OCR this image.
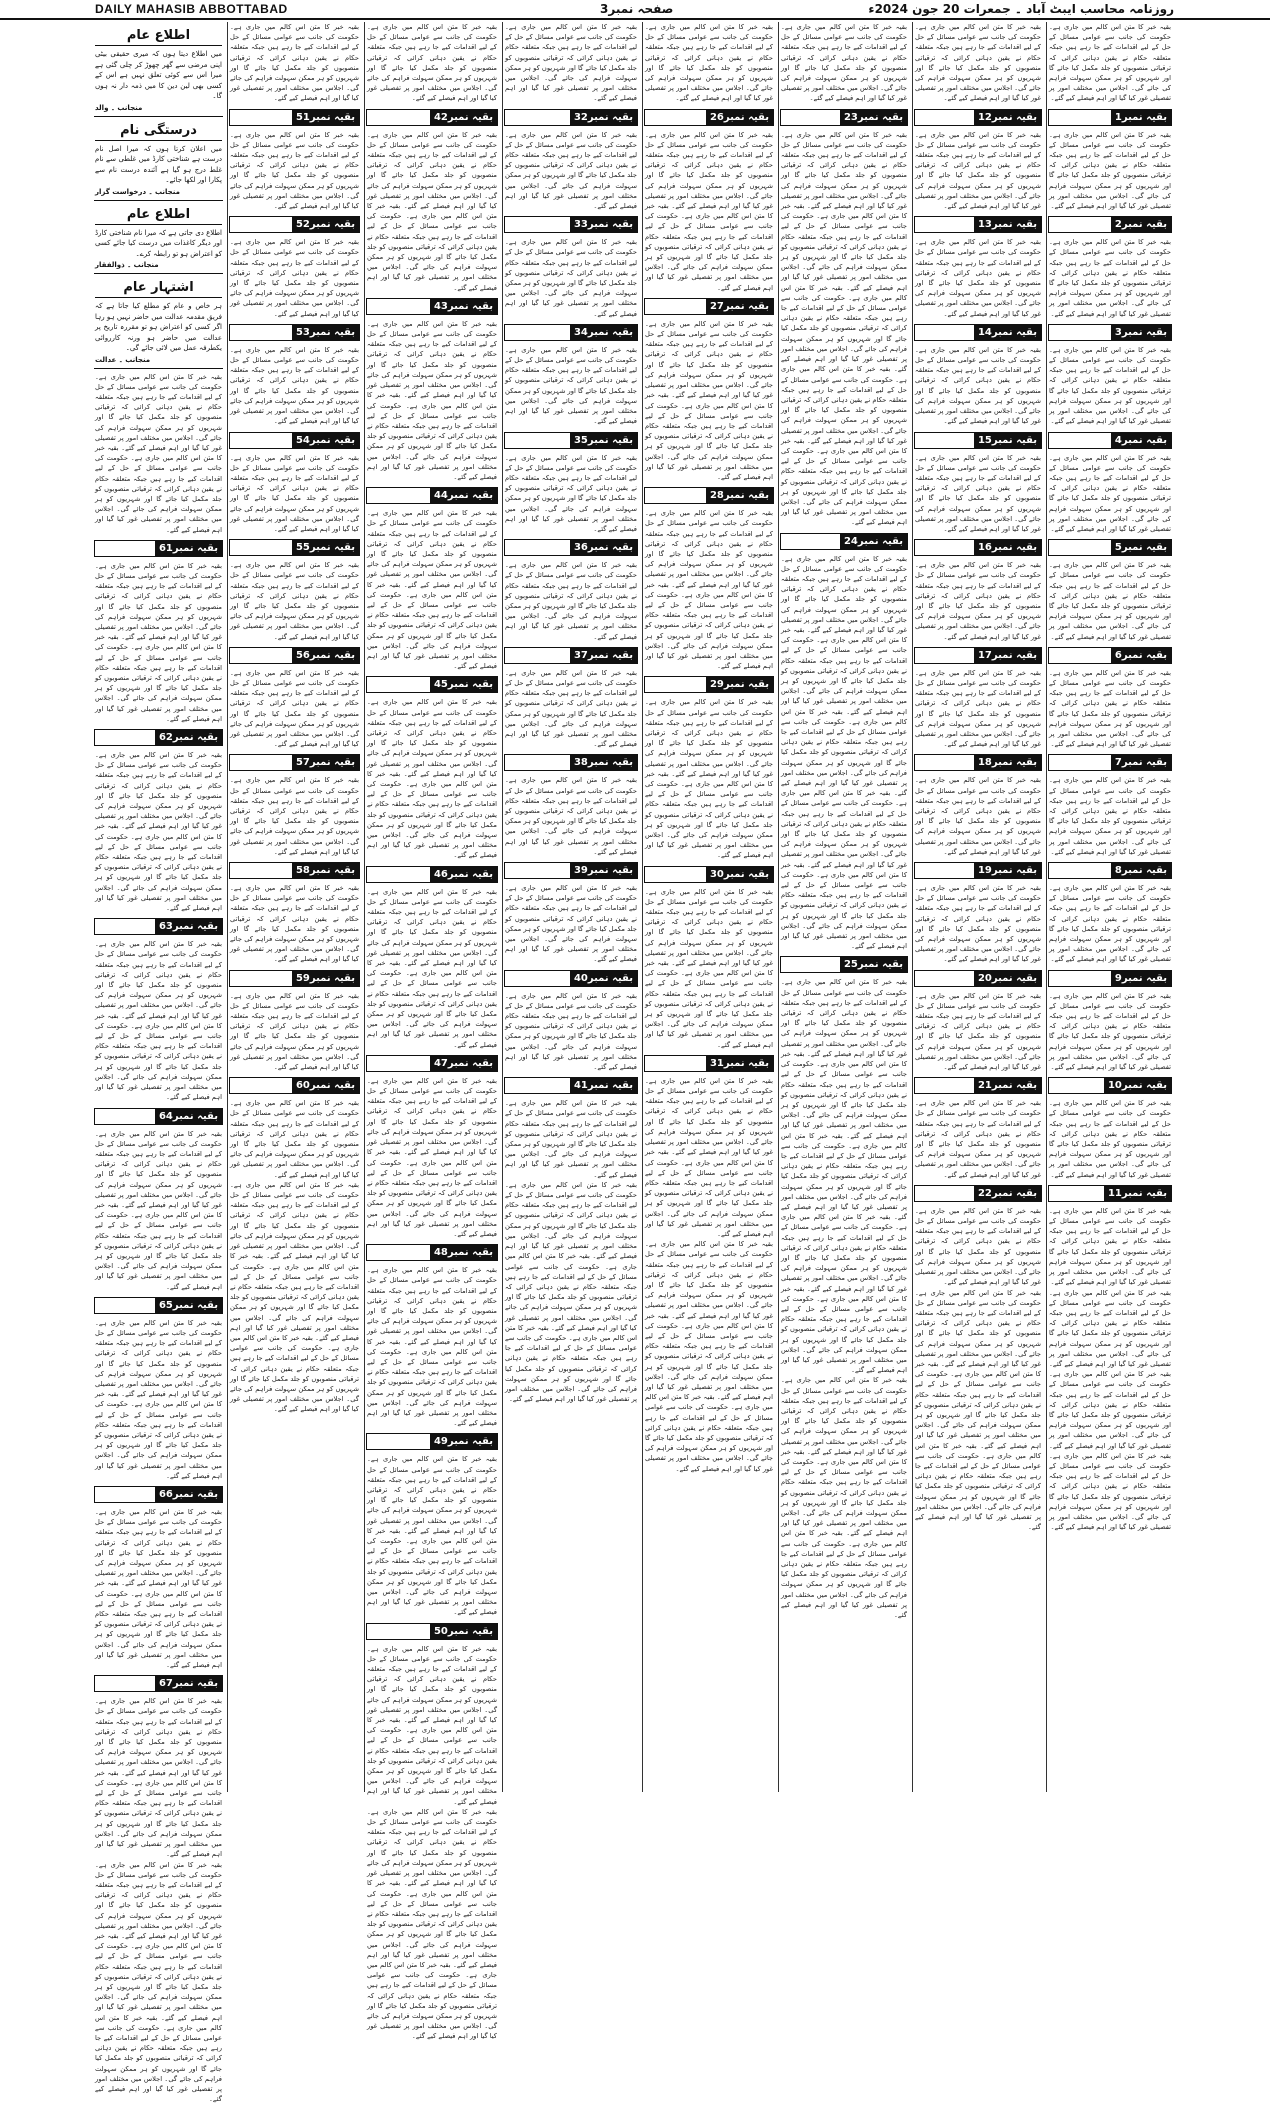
DAILY MAHASIB ABBOTTABAD	صفحہ نمبر3	روزنامہ محاسب ایبٹ آباد ۔ جمعرات 20 جون 2024ء
بقیہ خبر کا متن اس کالم میں جاری ہے۔ حکومت کی جانب سے عوامی مسائل کے حل کے لیے اقدامات کیے جا رہے ہیں جبکہ متعلقہ حکام نے یقین دہانی کرائی کہ ترقیاتی منصوبوں کو جلد مکمل کیا جائے گا اور شہریوں کو ہر ممکن سہولت فراہم کی جائے گی۔ اجلاس میں مختلف امور پر تفصیلی غور کیا گیا اور اہم فیصلے کیے گئے۔
بقیہ نمبر1
بقیہ خبر کا متن اس کالم میں جاری ہے۔ حکومت کی جانب سے عوامی مسائل کے حل کے لیے اقدامات کیے جا رہے ہیں جبکہ متعلقہ حکام نے یقین دہانی کرائی کہ ترقیاتی منصوبوں کو جلد مکمل کیا جائے گا اور شہریوں کو ہر ممکن سہولت فراہم کی جائے گی۔ اجلاس میں مختلف امور پر تفصیلی غور کیا گیا اور اہم فیصلے کیے گئے۔
بقیہ نمبر2
بقیہ خبر کا متن اس کالم میں جاری ہے۔ حکومت کی جانب سے عوامی مسائل کے حل کے لیے اقدامات کیے جا رہے ہیں جبکہ متعلقہ حکام نے یقین دہانی کرائی کہ ترقیاتی منصوبوں کو جلد مکمل کیا جائے گا اور شہریوں کو ہر ممکن سہولت فراہم کی جائے گی۔ اجلاس میں مختلف امور پر تفصیلی غور کیا گیا اور اہم فیصلے کیے گئے۔
بقیہ نمبر3
بقیہ خبر کا متن اس کالم میں جاری ہے۔ حکومت کی جانب سے عوامی مسائل کے حل کے لیے اقدامات کیے جا رہے ہیں جبکہ متعلقہ حکام نے یقین دہانی کرائی کہ ترقیاتی منصوبوں کو جلد مکمل کیا جائے گا اور شہریوں کو ہر ممکن سہولت فراہم کی جائے گی۔ اجلاس میں مختلف امور پر تفصیلی غور کیا گیا اور اہم فیصلے کیے گئے۔
بقیہ نمبر4
بقیہ خبر کا متن اس کالم میں جاری ہے۔ حکومت کی جانب سے عوامی مسائل کے حل کے لیے اقدامات کیے جا رہے ہیں جبکہ متعلقہ حکام نے یقین دہانی کرائی کہ ترقیاتی منصوبوں کو جلد مکمل کیا جائے گا اور شہریوں کو ہر ممکن سہولت فراہم کی جائے گی۔ اجلاس میں مختلف امور پر تفصیلی غور کیا گیا اور اہم فیصلے کیے گئے۔
بقیہ نمبر5
بقیہ خبر کا متن اس کالم میں جاری ہے۔ حکومت کی جانب سے عوامی مسائل کے حل کے لیے اقدامات کیے جا رہے ہیں جبکہ متعلقہ حکام نے یقین دہانی کرائی کہ ترقیاتی منصوبوں کو جلد مکمل کیا جائے گا اور شہریوں کو ہر ممکن سہولت فراہم کی جائے گی۔ اجلاس میں مختلف امور پر تفصیلی غور کیا گیا اور اہم فیصلے کیے گئے۔
بقیہ نمبر6
بقیہ خبر کا متن اس کالم میں جاری ہے۔ حکومت کی جانب سے عوامی مسائل کے حل کے لیے اقدامات کیے جا رہے ہیں جبکہ متعلقہ حکام نے یقین دہانی کرائی کہ ترقیاتی منصوبوں کو جلد مکمل کیا جائے گا اور شہریوں کو ہر ممکن سہولت فراہم کی جائے گی۔ اجلاس میں مختلف امور پر تفصیلی غور کیا گیا اور اہم فیصلے کیے گئے۔
بقیہ نمبر7
بقیہ خبر کا متن اس کالم میں جاری ہے۔ حکومت کی جانب سے عوامی مسائل کے حل کے لیے اقدامات کیے جا رہے ہیں جبکہ متعلقہ حکام نے یقین دہانی کرائی کہ ترقیاتی منصوبوں کو جلد مکمل کیا جائے گا اور شہریوں کو ہر ممکن سہولت فراہم کی جائے گی۔ اجلاس میں مختلف امور پر تفصیلی غور کیا گیا اور اہم فیصلے کیے گئے۔
بقیہ نمبر8
بقیہ خبر کا متن اس کالم میں جاری ہے۔ حکومت کی جانب سے عوامی مسائل کے حل کے لیے اقدامات کیے جا رہے ہیں جبکہ متعلقہ حکام نے یقین دہانی کرائی کہ ترقیاتی منصوبوں کو جلد مکمل کیا جائے گا اور شہریوں کو ہر ممکن سہولت فراہم کی جائے گی۔ اجلاس میں مختلف امور پر تفصیلی غور کیا گیا اور اہم فیصلے کیے گئے۔
بقیہ نمبر9
بقیہ خبر کا متن اس کالم میں جاری ہے۔ حکومت کی جانب سے عوامی مسائل کے حل کے لیے اقدامات کیے جا رہے ہیں جبکہ متعلقہ حکام نے یقین دہانی کرائی کہ ترقیاتی منصوبوں کو جلد مکمل کیا جائے گا اور شہریوں کو ہر ممکن سہولت فراہم کی جائے گی۔ اجلاس میں مختلف امور پر تفصیلی غور کیا گیا اور اہم فیصلے کیے گئے۔
بقیہ نمبر10
بقیہ خبر کا متن اس کالم میں جاری ہے۔ حکومت کی جانب سے عوامی مسائل کے حل کے لیے اقدامات کیے جا رہے ہیں جبکہ متعلقہ حکام نے یقین دہانی کرائی کہ ترقیاتی منصوبوں کو جلد مکمل کیا جائے گا اور شہریوں کو ہر ممکن سہولت فراہم کی جائے گی۔ اجلاس میں مختلف امور پر تفصیلی غور کیا گیا اور اہم فیصلے کیے گئے۔
بقیہ نمبر11
بقیہ خبر کا متن اس کالم میں جاری ہے۔ حکومت کی جانب سے عوامی مسائل کے حل کے لیے اقدامات کیے جا رہے ہیں جبکہ متعلقہ حکام نے یقین دہانی کرائی کہ ترقیاتی منصوبوں کو جلد مکمل کیا جائے گا اور شہریوں کو ہر ممکن سہولت فراہم کی جائے گی۔ اجلاس میں مختلف امور پر تفصیلی غور کیا گیا اور اہم فیصلے کیے گئے۔
بقیہ خبر کا متن اس کالم میں جاری ہے۔ حکومت کی جانب سے عوامی مسائل کے حل کے لیے اقدامات کیے جا رہے ہیں جبکہ متعلقہ حکام نے یقین دہانی کرائی کہ ترقیاتی منصوبوں کو جلد مکمل کیا جائے گا اور شہریوں کو ہر ممکن سہولت فراہم کی جائے گی۔ اجلاس میں مختلف امور پر تفصیلی غور کیا گیا اور اہم فیصلے کیے گئے۔ بقیہ خبر کا متن اس کالم میں جاری ہے۔ حکومت کی جانب سے عوامی مسائل کے حل کے لیے اقدامات کیے جا رہے ہیں جبکہ متعلقہ حکام نے یقین دہانی کرائی کہ ترقیاتی منصوبوں کو جلد مکمل کیا جائے گا اور شہریوں کو ہر ممکن سہولت فراہم کی جائے گی۔ اجلاس میں مختلف امور پر تفصیلی غور کیا گیا اور اہم فیصلے کیے گئے۔ بقیہ خبر کا متن اس کالم میں جاری ہے۔ حکومت کی جانب سے عوامی مسائل کے حل کے لیے اقدامات کیے جا رہے ہیں جبکہ متعلقہ حکام نے یقین دہانی کرائی کہ ترقیاتی منصوبوں کو جلد مکمل کیا جائے گا اور شہریوں کو ہر ممکن سہولت فراہم کی جائے گی۔ اجلاس میں مختلف امور پر تفصیلی غور کیا گیا اور اہم فیصلے کیے گئے۔
بقیہ خبر کا متن اس کالم میں جاری ہے۔ حکومت کی جانب سے عوامی مسائل کے حل کے لیے اقدامات کیے جا رہے ہیں جبکہ متعلقہ حکام نے یقین دہانی کرائی کہ ترقیاتی منصوبوں کو جلد مکمل کیا جائے گا اور شہریوں کو ہر ممکن سہولت فراہم کی جائے گی۔ اجلاس میں مختلف امور پر تفصیلی غور کیا گیا اور اہم فیصلے کیے گئے۔
بقیہ نمبر12
بقیہ خبر کا متن اس کالم میں جاری ہے۔ حکومت کی جانب سے عوامی مسائل کے حل کے لیے اقدامات کیے جا رہے ہیں جبکہ متعلقہ حکام نے یقین دہانی کرائی کہ ترقیاتی منصوبوں کو جلد مکمل کیا جائے گا اور شہریوں کو ہر ممکن سہولت فراہم کی جائے گی۔ اجلاس میں مختلف امور پر تفصیلی غور کیا گیا اور اہم فیصلے کیے گئے۔
بقیہ نمبر13
بقیہ خبر کا متن اس کالم میں جاری ہے۔ حکومت کی جانب سے عوامی مسائل کے حل کے لیے اقدامات کیے جا رہے ہیں جبکہ متعلقہ حکام نے یقین دہانی کرائی کہ ترقیاتی منصوبوں کو جلد مکمل کیا جائے گا اور شہریوں کو ہر ممکن سہولت فراہم کی جائے گی۔ اجلاس میں مختلف امور پر تفصیلی غور کیا گیا اور اہم فیصلے کیے گئے۔
بقیہ نمبر14
بقیہ خبر کا متن اس کالم میں جاری ہے۔ حکومت کی جانب سے عوامی مسائل کے حل کے لیے اقدامات کیے جا رہے ہیں جبکہ متعلقہ حکام نے یقین دہانی کرائی کہ ترقیاتی منصوبوں کو جلد مکمل کیا جائے گا اور شہریوں کو ہر ممکن سہولت فراہم کی جائے گی۔ اجلاس میں مختلف امور پر تفصیلی غور کیا گیا اور اہم فیصلے کیے گئے۔
بقیہ نمبر15
بقیہ خبر کا متن اس کالم میں جاری ہے۔ حکومت کی جانب سے عوامی مسائل کے حل کے لیے اقدامات کیے جا رہے ہیں جبکہ متعلقہ حکام نے یقین دہانی کرائی کہ ترقیاتی منصوبوں کو جلد مکمل کیا جائے گا اور شہریوں کو ہر ممکن سہولت فراہم کی جائے گی۔ اجلاس میں مختلف امور پر تفصیلی غور کیا گیا اور اہم فیصلے کیے گئے۔
بقیہ نمبر16
بقیہ خبر کا متن اس کالم میں جاری ہے۔ حکومت کی جانب سے عوامی مسائل کے حل کے لیے اقدامات کیے جا رہے ہیں جبکہ متعلقہ حکام نے یقین دہانی کرائی کہ ترقیاتی منصوبوں کو جلد مکمل کیا جائے گا اور شہریوں کو ہر ممکن سہولت فراہم کی جائے گی۔ اجلاس میں مختلف امور پر تفصیلی غور کیا گیا اور اہم فیصلے کیے گئے۔
بقیہ نمبر17
بقیہ خبر کا متن اس کالم میں جاری ہے۔ حکومت کی جانب سے عوامی مسائل کے حل کے لیے اقدامات کیے جا رہے ہیں جبکہ متعلقہ حکام نے یقین دہانی کرائی کہ ترقیاتی منصوبوں کو جلد مکمل کیا جائے گا اور شہریوں کو ہر ممکن سہولت فراہم کی جائے گی۔ اجلاس میں مختلف امور پر تفصیلی غور کیا گیا اور اہم فیصلے کیے گئے۔
بقیہ نمبر18
بقیہ خبر کا متن اس کالم میں جاری ہے۔ حکومت کی جانب سے عوامی مسائل کے حل کے لیے اقدامات کیے جا رہے ہیں جبکہ متعلقہ حکام نے یقین دہانی کرائی کہ ترقیاتی منصوبوں کو جلد مکمل کیا جائے گا اور شہریوں کو ہر ممکن سہولت فراہم کی جائے گی۔ اجلاس میں مختلف امور پر تفصیلی غور کیا گیا اور اہم فیصلے کیے گئے۔
بقیہ نمبر19
بقیہ خبر کا متن اس کالم میں جاری ہے۔ حکومت کی جانب سے عوامی مسائل کے حل کے لیے اقدامات کیے جا رہے ہیں جبکہ متعلقہ حکام نے یقین دہانی کرائی کہ ترقیاتی منصوبوں کو جلد مکمل کیا جائے گا اور شہریوں کو ہر ممکن سہولت فراہم کی جائے گی۔ اجلاس میں مختلف امور پر تفصیلی غور کیا گیا اور اہم فیصلے کیے گئے۔
بقیہ نمبر20
بقیہ خبر کا متن اس کالم میں جاری ہے۔ حکومت کی جانب سے عوامی مسائل کے حل کے لیے اقدامات کیے جا رہے ہیں جبکہ متعلقہ حکام نے یقین دہانی کرائی کہ ترقیاتی منصوبوں کو جلد مکمل کیا جائے گا اور شہریوں کو ہر ممکن سہولت فراہم کی جائے گی۔ اجلاس میں مختلف امور پر تفصیلی غور کیا گیا اور اہم فیصلے کیے گئے۔
بقیہ نمبر21
بقیہ خبر کا متن اس کالم میں جاری ہے۔ حکومت کی جانب سے عوامی مسائل کے حل کے لیے اقدامات کیے جا رہے ہیں جبکہ متعلقہ حکام نے یقین دہانی کرائی کہ ترقیاتی منصوبوں کو جلد مکمل کیا جائے گا اور شہریوں کو ہر ممکن سہولت فراہم کی جائے گی۔ اجلاس میں مختلف امور پر تفصیلی غور کیا گیا اور اہم فیصلے کیے گئے۔
بقیہ نمبر22
بقیہ خبر کا متن اس کالم میں جاری ہے۔ حکومت کی جانب سے عوامی مسائل کے حل کے لیے اقدامات کیے جا رہے ہیں جبکہ متعلقہ حکام نے یقین دہانی کرائی کہ ترقیاتی منصوبوں کو جلد مکمل کیا جائے گا اور شہریوں کو ہر ممکن سہولت فراہم کی جائے گی۔ اجلاس میں مختلف امور پر تفصیلی غور کیا گیا اور اہم فیصلے کیے گئے۔
بقیہ خبر کا متن اس کالم میں جاری ہے۔ حکومت کی جانب سے عوامی مسائل کے حل کے لیے اقدامات کیے جا رہے ہیں جبکہ متعلقہ حکام نے یقین دہانی کرائی کہ ترقیاتی منصوبوں کو جلد مکمل کیا جائے گا اور شہریوں کو ہر ممکن سہولت فراہم کی جائے گی۔ اجلاس میں مختلف امور پر تفصیلی غور کیا گیا اور اہم فیصلے کیے گئے۔ بقیہ خبر کا متن اس کالم میں جاری ہے۔ حکومت کی جانب سے عوامی مسائل کے حل کے لیے اقدامات کیے جا رہے ہیں جبکہ متعلقہ حکام نے یقین دہانی کرائی کہ ترقیاتی منصوبوں کو جلد مکمل کیا جائے گا اور شہریوں کو ہر ممکن سہولت فراہم کی جائے گی۔ اجلاس میں مختلف امور پر تفصیلی غور کیا گیا اور اہم فیصلے کیے گئے۔ بقیہ خبر کا متن اس کالم میں جاری ہے۔ حکومت کی جانب سے عوامی مسائل کے حل کے لیے اقدامات کیے جا رہے ہیں جبکہ متعلقہ حکام نے یقین دہانی کرائی کہ ترقیاتی منصوبوں کو جلد مکمل کیا جائے گا اور شہریوں کو ہر ممکن سہولت فراہم کی جائے گی۔ اجلاس میں مختلف امور پر تفصیلی غور کیا گیا اور اہم فیصلے کیے گئے۔
بقیہ خبر کا متن اس کالم میں جاری ہے۔ حکومت کی جانب سے عوامی مسائل کے حل کے لیے اقدامات کیے جا رہے ہیں جبکہ متعلقہ حکام نے یقین دہانی کرائی کہ ترقیاتی منصوبوں کو جلد مکمل کیا جائے گا اور شہریوں کو ہر ممکن سہولت فراہم کی جائے گی۔ اجلاس میں مختلف امور پر تفصیلی غور کیا گیا اور اہم فیصلے کیے گئے۔
بقیہ نمبر23
بقیہ خبر کا متن اس کالم میں جاری ہے۔ حکومت کی جانب سے عوامی مسائل کے حل کے لیے اقدامات کیے جا رہے ہیں جبکہ متعلقہ حکام نے یقین دہانی کرائی کہ ترقیاتی منصوبوں کو جلد مکمل کیا جائے گا اور شہریوں کو ہر ممکن سہولت فراہم کی جائے گی۔ اجلاس میں مختلف امور پر تفصیلی غور کیا گیا اور اہم فیصلے کیے گئے۔ بقیہ خبر کا متن اس کالم میں جاری ہے۔ حکومت کی جانب سے عوامی مسائل کے حل کے لیے اقدامات کیے جا رہے ہیں جبکہ متعلقہ حکام نے یقین دہانی کرائی کہ ترقیاتی منصوبوں کو جلد مکمل کیا جائے گا اور شہریوں کو ہر ممکن سہولت فراہم کی جائے گی۔ اجلاس میں مختلف امور پر تفصیلی غور کیا گیا اور اہم فیصلے کیے گئے۔ بقیہ خبر کا متن اس کالم میں جاری ہے۔ حکومت کی جانب سے عوامی مسائل کے حل کے لیے اقدامات کیے جا رہے ہیں جبکہ متعلقہ حکام نے یقین دہانی کرائی کہ ترقیاتی منصوبوں کو جلد مکمل کیا جائے گا اور شہریوں کو ہر ممکن سہولت فراہم کی جائے گی۔ اجلاس میں مختلف امور پر تفصیلی غور کیا گیا اور اہم فیصلے کیے گئے۔ بقیہ خبر کا متن اس کالم میں جاری ہے۔ حکومت کی جانب سے عوامی مسائل کے حل کے لیے اقدامات کیے جا رہے ہیں جبکہ متعلقہ حکام نے یقین دہانی کرائی کہ ترقیاتی منصوبوں کو جلد مکمل کیا جائے گا اور شہریوں کو ہر ممکن سہولت فراہم کی جائے گی۔ اجلاس میں مختلف امور پر تفصیلی غور کیا گیا اور اہم فیصلے کیے گئے۔ بقیہ خبر کا متن اس کالم میں جاری ہے۔ حکومت کی جانب سے عوامی مسائل کے حل کے لیے اقدامات کیے جا رہے ہیں جبکہ متعلقہ حکام نے یقین دہانی کرائی کہ ترقیاتی منصوبوں کو جلد مکمل کیا جائے گا اور شہریوں کو ہر ممکن سہولت فراہم کی جائے گی۔ اجلاس میں مختلف امور پر تفصیلی غور کیا گیا اور اہم فیصلے کیے گئے۔
بقیہ نمبر24
بقیہ خبر کا متن اس کالم میں جاری ہے۔ حکومت کی جانب سے عوامی مسائل کے حل کے لیے اقدامات کیے جا رہے ہیں جبکہ متعلقہ حکام نے یقین دہانی کرائی کہ ترقیاتی منصوبوں کو جلد مکمل کیا جائے گا اور شہریوں کو ہر ممکن سہولت فراہم کی جائے گی۔ اجلاس میں مختلف امور پر تفصیلی غور کیا گیا اور اہم فیصلے کیے گئے۔ بقیہ خبر کا متن اس کالم میں جاری ہے۔ حکومت کی جانب سے عوامی مسائل کے حل کے لیے اقدامات کیے جا رہے ہیں جبکہ متعلقہ حکام نے یقین دہانی کرائی کہ ترقیاتی منصوبوں کو جلد مکمل کیا جائے گا اور شہریوں کو ہر ممکن سہولت فراہم کی جائے گی۔ اجلاس میں مختلف امور پر تفصیلی غور کیا گیا اور اہم فیصلے کیے گئے۔ بقیہ خبر کا متن اس کالم میں جاری ہے۔ حکومت کی جانب سے عوامی مسائل کے حل کے لیے اقدامات کیے جا رہے ہیں جبکہ متعلقہ حکام نے یقین دہانی کرائی کہ ترقیاتی منصوبوں کو جلد مکمل کیا جائے گا اور شہریوں کو ہر ممکن سہولت فراہم کی جائے گی۔ اجلاس میں مختلف امور پر تفصیلی غور کیا گیا اور اہم فیصلے کیے گئے۔ بقیہ خبر کا متن اس کالم میں جاری ہے۔ حکومت کی جانب سے عوامی مسائل کے حل کے لیے اقدامات کیے جا رہے ہیں جبکہ متعلقہ حکام نے یقین دہانی کرائی کہ ترقیاتی منصوبوں کو جلد مکمل کیا جائے گا اور شہریوں کو ہر ممکن سہولت فراہم کی جائے گی۔ اجلاس میں مختلف امور پر تفصیلی غور کیا گیا اور اہم فیصلے کیے گئے۔ بقیہ خبر کا متن اس کالم میں جاری ہے۔ حکومت کی جانب سے عوامی مسائل کے حل کے لیے اقدامات کیے جا رہے ہیں جبکہ متعلقہ حکام نے یقین دہانی کرائی کہ ترقیاتی منصوبوں کو جلد مکمل کیا جائے گا اور شہریوں کو ہر ممکن سہولت فراہم کی جائے گی۔ اجلاس میں مختلف امور پر تفصیلی غور کیا گیا اور اہم فیصلے کیے گئے۔
بقیہ نمبر25
بقیہ خبر کا متن اس کالم میں جاری ہے۔ حکومت کی جانب سے عوامی مسائل کے حل کے لیے اقدامات کیے جا رہے ہیں جبکہ متعلقہ حکام نے یقین دہانی کرائی کہ ترقیاتی منصوبوں کو جلد مکمل کیا جائے گا اور شہریوں کو ہر ممکن سہولت فراہم کی جائے گی۔ اجلاس میں مختلف امور پر تفصیلی غور کیا گیا اور اہم فیصلے کیے گئے۔ بقیہ خبر کا متن اس کالم میں جاری ہے۔ حکومت کی جانب سے عوامی مسائل کے حل کے لیے اقدامات کیے جا رہے ہیں جبکہ متعلقہ حکام نے یقین دہانی کرائی کہ ترقیاتی منصوبوں کو جلد مکمل کیا جائے گا اور شہریوں کو ہر ممکن سہولت فراہم کی جائے گی۔ اجلاس میں مختلف امور پر تفصیلی غور کیا گیا اور اہم فیصلے کیے گئے۔ بقیہ خبر کا متن اس کالم میں جاری ہے۔ حکومت کی جانب سے عوامی مسائل کے حل کے لیے اقدامات کیے جا رہے ہیں جبکہ متعلقہ حکام نے یقین دہانی کرائی کہ ترقیاتی منصوبوں کو جلد مکمل کیا جائے گا اور شہریوں کو ہر ممکن سہولت فراہم کی جائے گی۔ اجلاس میں مختلف امور پر تفصیلی غور کیا گیا اور اہم فیصلے کیے گئے۔ بقیہ خبر کا متن اس کالم میں جاری ہے۔ حکومت کی جانب سے عوامی مسائل کے حل کے لیے اقدامات کیے جا رہے ہیں جبکہ متعلقہ حکام نے یقین دہانی کرائی کہ ترقیاتی منصوبوں کو جلد مکمل کیا جائے گا اور شہریوں کو ہر ممکن سہولت فراہم کی جائے گی۔ اجلاس میں مختلف امور پر تفصیلی غور کیا گیا اور اہم فیصلے کیے گئے۔ بقیہ خبر کا متن اس کالم میں جاری ہے۔ حکومت کی جانب سے عوامی مسائل کے حل کے لیے اقدامات کیے جا رہے ہیں جبکہ متعلقہ حکام نے یقین دہانی کرائی کہ ترقیاتی منصوبوں کو جلد مکمل کیا جائے گا اور شہریوں کو ہر ممکن سہولت فراہم کی جائے گی۔ اجلاس میں مختلف امور پر تفصیلی غور کیا گیا اور اہم فیصلے کیے گئے۔
بقیہ خبر کا متن اس کالم میں جاری ہے۔ حکومت کی جانب سے عوامی مسائل کے حل کے لیے اقدامات کیے جا رہے ہیں جبکہ متعلقہ حکام نے یقین دہانی کرائی کہ ترقیاتی منصوبوں کو جلد مکمل کیا جائے گا اور شہریوں کو ہر ممکن سہولت فراہم کی جائے گی۔ اجلاس میں مختلف امور پر تفصیلی غور کیا گیا اور اہم فیصلے کیے گئے۔ بقیہ خبر کا متن اس کالم میں جاری ہے۔ حکومت کی جانب سے عوامی مسائل کے حل کے لیے اقدامات کیے جا رہے ہیں جبکہ متعلقہ حکام نے یقین دہانی کرائی کہ ترقیاتی منصوبوں کو جلد مکمل کیا جائے گا اور شہریوں کو ہر ممکن سہولت فراہم کی جائے گی۔ اجلاس میں مختلف امور پر تفصیلی غور کیا گیا اور اہم فیصلے کیے گئے۔ بقیہ خبر کا متن اس کالم میں جاری ہے۔ حکومت کی جانب سے عوامی مسائل کے حل کے لیے اقدامات کیے جا رہے ہیں جبکہ متعلقہ حکام نے یقین دہانی کرائی کہ ترقیاتی منصوبوں کو جلد مکمل کیا جائے گا اور شہریوں کو ہر ممکن سہولت فراہم کی جائے گی۔ اجلاس میں مختلف امور پر تفصیلی غور کیا گیا اور اہم فیصلے کیے گئے۔
بقیہ خبر کا متن اس کالم میں جاری ہے۔ حکومت کی جانب سے عوامی مسائل کے حل کے لیے اقدامات کیے جا رہے ہیں جبکہ متعلقہ حکام نے یقین دہانی کرائی کہ ترقیاتی منصوبوں کو جلد مکمل کیا جائے گا اور شہریوں کو ہر ممکن سہولت فراہم کی جائے گی۔ اجلاس میں مختلف امور پر تفصیلی غور کیا گیا اور اہم فیصلے کیے گئے۔
بقیہ نمبر26
بقیہ خبر کا متن اس کالم میں جاری ہے۔ حکومت کی جانب سے عوامی مسائل کے حل کے لیے اقدامات کیے جا رہے ہیں جبکہ متعلقہ حکام نے یقین دہانی کرائی کہ ترقیاتی منصوبوں کو جلد مکمل کیا جائے گا اور شہریوں کو ہر ممکن سہولت فراہم کی جائے گی۔ اجلاس میں مختلف امور پر تفصیلی غور کیا گیا اور اہم فیصلے کیے گئے۔ بقیہ خبر کا متن اس کالم میں جاری ہے۔ حکومت کی جانب سے عوامی مسائل کے حل کے لیے اقدامات کیے جا رہے ہیں جبکہ متعلقہ حکام نے یقین دہانی کرائی کہ ترقیاتی منصوبوں کو جلد مکمل کیا جائے گا اور شہریوں کو ہر ممکن سہولت فراہم کی جائے گی۔ اجلاس میں مختلف امور پر تفصیلی غور کیا گیا اور اہم فیصلے کیے گئے۔
بقیہ نمبر27
بقیہ خبر کا متن اس کالم میں جاری ہے۔ حکومت کی جانب سے عوامی مسائل کے حل کے لیے اقدامات کیے جا رہے ہیں جبکہ متعلقہ حکام نے یقین دہانی کرائی کہ ترقیاتی منصوبوں کو جلد مکمل کیا جائے گا اور شہریوں کو ہر ممکن سہولت فراہم کی جائے گی۔ اجلاس میں مختلف امور پر تفصیلی غور کیا گیا اور اہم فیصلے کیے گئے۔ بقیہ خبر کا متن اس کالم میں جاری ہے۔ حکومت کی جانب سے عوامی مسائل کے حل کے لیے اقدامات کیے جا رہے ہیں جبکہ متعلقہ حکام نے یقین دہانی کرائی کہ ترقیاتی منصوبوں کو جلد مکمل کیا جائے گا اور شہریوں کو ہر ممکن سہولت فراہم کی جائے گی۔ اجلاس میں مختلف امور پر تفصیلی غور کیا گیا اور اہم فیصلے کیے گئے۔
بقیہ نمبر28
بقیہ خبر کا متن اس کالم میں جاری ہے۔ حکومت کی جانب سے عوامی مسائل کے حل کے لیے اقدامات کیے جا رہے ہیں جبکہ متعلقہ حکام نے یقین دہانی کرائی کہ ترقیاتی منصوبوں کو جلد مکمل کیا جائے گا اور شہریوں کو ہر ممکن سہولت فراہم کی جائے گی۔ اجلاس میں مختلف امور پر تفصیلی غور کیا گیا اور اہم فیصلے کیے گئے۔ بقیہ خبر کا متن اس کالم میں جاری ہے۔ حکومت کی جانب سے عوامی مسائل کے حل کے لیے اقدامات کیے جا رہے ہیں جبکہ متعلقہ حکام نے یقین دہانی کرائی کہ ترقیاتی منصوبوں کو جلد مکمل کیا جائے گا اور شہریوں کو ہر ممکن سہولت فراہم کی جائے گی۔ اجلاس میں مختلف امور پر تفصیلی غور کیا گیا اور اہم فیصلے کیے گئے۔
بقیہ نمبر29
بقیہ خبر کا متن اس کالم میں جاری ہے۔ حکومت کی جانب سے عوامی مسائل کے حل کے لیے اقدامات کیے جا رہے ہیں جبکہ متعلقہ حکام نے یقین دہانی کرائی کہ ترقیاتی منصوبوں کو جلد مکمل کیا جائے گا اور شہریوں کو ہر ممکن سہولت فراہم کی جائے گی۔ اجلاس میں مختلف امور پر تفصیلی غور کیا گیا اور اہم فیصلے کیے گئے۔ بقیہ خبر کا متن اس کالم میں جاری ہے۔ حکومت کی جانب سے عوامی مسائل کے حل کے لیے اقدامات کیے جا رہے ہیں جبکہ متعلقہ حکام نے یقین دہانی کرائی کہ ترقیاتی منصوبوں کو جلد مکمل کیا جائے گا اور شہریوں کو ہر ممکن سہولت فراہم کی جائے گی۔ اجلاس میں مختلف امور پر تفصیلی غور کیا گیا اور اہم فیصلے کیے گئے۔
بقیہ نمبر30
بقیہ خبر کا متن اس کالم میں جاری ہے۔ حکومت کی جانب سے عوامی مسائل کے حل کے لیے اقدامات کیے جا رہے ہیں جبکہ متعلقہ حکام نے یقین دہانی کرائی کہ ترقیاتی منصوبوں کو جلد مکمل کیا جائے گا اور شہریوں کو ہر ممکن سہولت فراہم کی جائے گی۔ اجلاس میں مختلف امور پر تفصیلی غور کیا گیا اور اہم فیصلے کیے گئے۔ بقیہ خبر کا متن اس کالم میں جاری ہے۔ حکومت کی جانب سے عوامی مسائل کے حل کے لیے اقدامات کیے جا رہے ہیں جبکہ متعلقہ حکام نے یقین دہانی کرائی کہ ترقیاتی منصوبوں کو جلد مکمل کیا جائے گا اور شہریوں کو ہر ممکن سہولت فراہم کی جائے گی۔ اجلاس میں مختلف امور پر تفصیلی غور کیا گیا اور اہم فیصلے کیے گئے۔
بقیہ نمبر31
بقیہ خبر کا متن اس کالم میں جاری ہے۔ حکومت کی جانب سے عوامی مسائل کے حل کے لیے اقدامات کیے جا رہے ہیں جبکہ متعلقہ حکام نے یقین دہانی کرائی کہ ترقیاتی منصوبوں کو جلد مکمل کیا جائے گا اور شہریوں کو ہر ممکن سہولت فراہم کی جائے گی۔ اجلاس میں مختلف امور پر تفصیلی غور کیا گیا اور اہم فیصلے کیے گئے۔ بقیہ خبر کا متن اس کالم میں جاری ہے۔ حکومت کی جانب سے عوامی مسائل کے حل کے لیے اقدامات کیے جا رہے ہیں جبکہ متعلقہ حکام نے یقین دہانی کرائی کہ ترقیاتی منصوبوں کو جلد مکمل کیا جائے گا اور شہریوں کو ہر ممکن سہولت فراہم کی جائے گی۔ اجلاس میں مختلف امور پر تفصیلی غور کیا گیا اور اہم فیصلے کیے گئے۔
بقیہ خبر کا متن اس کالم میں جاری ہے۔ حکومت کی جانب سے عوامی مسائل کے حل کے لیے اقدامات کیے جا رہے ہیں جبکہ متعلقہ حکام نے یقین دہانی کرائی کہ ترقیاتی منصوبوں کو جلد مکمل کیا جائے گا اور شہریوں کو ہر ممکن سہولت فراہم کی جائے گی۔ اجلاس میں مختلف امور پر تفصیلی غور کیا گیا اور اہم فیصلے کیے گئے۔ بقیہ خبر کا متن اس کالم میں جاری ہے۔ حکومت کی جانب سے عوامی مسائل کے حل کے لیے اقدامات کیے جا رہے ہیں جبکہ متعلقہ حکام نے یقین دہانی کرائی کہ ترقیاتی منصوبوں کو جلد مکمل کیا جائے گا اور شہریوں کو ہر ممکن سہولت فراہم کی جائے گی۔ اجلاس میں مختلف امور پر تفصیلی غور کیا گیا اور اہم فیصلے کیے گئے۔ بقیہ خبر کا متن اس کالم میں جاری ہے۔ حکومت کی جانب سے عوامی مسائل کے حل کے لیے اقدامات کیے جا رہے ہیں جبکہ متعلقہ حکام نے یقین دہانی کرائی کہ ترقیاتی منصوبوں کو جلد مکمل کیا جائے گا اور شہریوں کو ہر ممکن سہولت فراہم کی جائے گی۔ اجلاس میں مختلف امور پر تفصیلی غور کیا گیا اور اہم فیصلے کیے گئے۔
بقیہ خبر کا متن اس کالم میں جاری ہے۔ حکومت کی جانب سے عوامی مسائل کے حل کے لیے اقدامات کیے جا رہے ہیں جبکہ متعلقہ حکام نے یقین دہانی کرائی کہ ترقیاتی منصوبوں کو جلد مکمل کیا جائے گا اور شہریوں کو ہر ممکن سہولت فراہم کی جائے گی۔ اجلاس میں مختلف امور پر تفصیلی غور کیا گیا اور اہم فیصلے کیے گئے۔
بقیہ نمبر32
بقیہ خبر کا متن اس کالم میں جاری ہے۔ حکومت کی جانب سے عوامی مسائل کے حل کے لیے اقدامات کیے جا رہے ہیں جبکہ متعلقہ حکام نے یقین دہانی کرائی کہ ترقیاتی منصوبوں کو جلد مکمل کیا جائے گا اور شہریوں کو ہر ممکن سہولت فراہم کی جائے گی۔ اجلاس میں مختلف امور پر تفصیلی غور کیا گیا اور اہم فیصلے کیے گئے۔
بقیہ نمبر33
بقیہ خبر کا متن اس کالم میں جاری ہے۔ حکومت کی جانب سے عوامی مسائل کے حل کے لیے اقدامات کیے جا رہے ہیں جبکہ متعلقہ حکام نے یقین دہانی کرائی کہ ترقیاتی منصوبوں کو جلد مکمل کیا جائے گا اور شہریوں کو ہر ممکن سہولت فراہم کی جائے گی۔ اجلاس میں مختلف امور پر تفصیلی غور کیا گیا اور اہم فیصلے کیے گئے۔
بقیہ نمبر34
بقیہ خبر کا متن اس کالم میں جاری ہے۔ حکومت کی جانب سے عوامی مسائل کے حل کے لیے اقدامات کیے جا رہے ہیں جبکہ متعلقہ حکام نے یقین دہانی کرائی کہ ترقیاتی منصوبوں کو جلد مکمل کیا جائے گا اور شہریوں کو ہر ممکن سہولت فراہم کی جائے گی۔ اجلاس میں مختلف امور پر تفصیلی غور کیا گیا اور اہم فیصلے کیے گئے۔
بقیہ نمبر35
بقیہ خبر کا متن اس کالم میں جاری ہے۔ حکومت کی جانب سے عوامی مسائل کے حل کے لیے اقدامات کیے جا رہے ہیں جبکہ متعلقہ حکام نے یقین دہانی کرائی کہ ترقیاتی منصوبوں کو جلد مکمل کیا جائے گا اور شہریوں کو ہر ممکن سہولت فراہم کی جائے گی۔ اجلاس میں مختلف امور پر تفصیلی غور کیا گیا اور اہم فیصلے کیے گئے۔
بقیہ نمبر36
بقیہ خبر کا متن اس کالم میں جاری ہے۔ حکومت کی جانب سے عوامی مسائل کے حل کے لیے اقدامات کیے جا رہے ہیں جبکہ متعلقہ حکام نے یقین دہانی کرائی کہ ترقیاتی منصوبوں کو جلد مکمل کیا جائے گا اور شہریوں کو ہر ممکن سہولت فراہم کی جائے گی۔ اجلاس میں مختلف امور پر تفصیلی غور کیا گیا اور اہم فیصلے کیے گئے۔
بقیہ نمبر37
بقیہ خبر کا متن اس کالم میں جاری ہے۔ حکومت کی جانب سے عوامی مسائل کے حل کے لیے اقدامات کیے جا رہے ہیں جبکہ متعلقہ حکام نے یقین دہانی کرائی کہ ترقیاتی منصوبوں کو جلد مکمل کیا جائے گا اور شہریوں کو ہر ممکن سہولت فراہم کی جائے گی۔ اجلاس میں مختلف امور پر تفصیلی غور کیا گیا اور اہم فیصلے کیے گئے۔
بقیہ نمبر38
بقیہ خبر کا متن اس کالم میں جاری ہے۔ حکومت کی جانب سے عوامی مسائل کے حل کے لیے اقدامات کیے جا رہے ہیں جبکہ متعلقہ حکام نے یقین دہانی کرائی کہ ترقیاتی منصوبوں کو جلد مکمل کیا جائے گا اور شہریوں کو ہر ممکن سہولت فراہم کی جائے گی۔ اجلاس میں مختلف امور پر تفصیلی غور کیا گیا اور اہم فیصلے کیے گئے۔
بقیہ نمبر39
بقیہ خبر کا متن اس کالم میں جاری ہے۔ حکومت کی جانب سے عوامی مسائل کے حل کے لیے اقدامات کیے جا رہے ہیں جبکہ متعلقہ حکام نے یقین دہانی کرائی کہ ترقیاتی منصوبوں کو جلد مکمل کیا جائے گا اور شہریوں کو ہر ممکن سہولت فراہم کی جائے گی۔ اجلاس میں مختلف امور پر تفصیلی غور کیا گیا اور اہم فیصلے کیے گئے۔
بقیہ نمبر40
بقیہ خبر کا متن اس کالم میں جاری ہے۔ حکومت کی جانب سے عوامی مسائل کے حل کے لیے اقدامات کیے جا رہے ہیں جبکہ متعلقہ حکام نے یقین دہانی کرائی کہ ترقیاتی منصوبوں کو جلد مکمل کیا جائے گا اور شہریوں کو ہر ممکن سہولت فراہم کی جائے گی۔ اجلاس میں مختلف امور پر تفصیلی غور کیا گیا اور اہم فیصلے کیے گئے۔
بقیہ نمبر41
بقیہ خبر کا متن اس کالم میں جاری ہے۔ حکومت کی جانب سے عوامی مسائل کے حل کے لیے اقدامات کیے جا رہے ہیں جبکہ متعلقہ حکام نے یقین دہانی کرائی کہ ترقیاتی منصوبوں کو جلد مکمل کیا جائے گا اور شہریوں کو ہر ممکن سہولت فراہم کی جائے گی۔ اجلاس میں مختلف امور پر تفصیلی غور کیا گیا اور اہم فیصلے کیے گئے۔
بقیہ خبر کا متن اس کالم میں جاری ہے۔ حکومت کی جانب سے عوامی مسائل کے حل کے لیے اقدامات کیے جا رہے ہیں جبکہ متعلقہ حکام نے یقین دہانی کرائی کہ ترقیاتی منصوبوں کو جلد مکمل کیا جائے گا اور شہریوں کو ہر ممکن سہولت فراہم کی جائے گی۔ اجلاس میں مختلف امور پر تفصیلی غور کیا گیا اور اہم فیصلے کیے گئے۔ بقیہ خبر کا متن اس کالم میں جاری ہے۔ حکومت کی جانب سے عوامی مسائل کے حل کے لیے اقدامات کیے جا رہے ہیں جبکہ متعلقہ حکام نے یقین دہانی کرائی کہ ترقیاتی منصوبوں کو جلد مکمل کیا جائے گا اور شہریوں کو ہر ممکن سہولت فراہم کی جائے گی۔ اجلاس میں مختلف امور پر تفصیلی غور کیا گیا اور اہم فیصلے کیے گئے۔ بقیہ خبر کا متن اس کالم میں جاری ہے۔ حکومت کی جانب سے عوامی مسائل کے حل کے لیے اقدامات کیے جا رہے ہیں جبکہ متعلقہ حکام نے یقین دہانی کرائی کہ ترقیاتی منصوبوں کو جلد مکمل کیا جائے گا اور شہریوں کو ہر ممکن سہولت فراہم کی جائے گی۔ اجلاس میں مختلف امور پر تفصیلی غور کیا گیا اور اہم فیصلے کیے گئے۔
بقیہ خبر کا متن اس کالم میں جاری ہے۔ حکومت کی جانب سے عوامی مسائل کے حل کے لیے اقدامات کیے جا رہے ہیں جبکہ متعلقہ حکام نے یقین دہانی کرائی کہ ترقیاتی منصوبوں کو جلد مکمل کیا جائے گا اور شہریوں کو ہر ممکن سہولت فراہم کی جائے گی۔ اجلاس میں مختلف امور پر تفصیلی غور کیا گیا اور اہم فیصلے کیے گئے۔
بقیہ نمبر42
بقیہ خبر کا متن اس کالم میں جاری ہے۔ حکومت کی جانب سے عوامی مسائل کے حل کے لیے اقدامات کیے جا رہے ہیں جبکہ متعلقہ حکام نے یقین دہانی کرائی کہ ترقیاتی منصوبوں کو جلد مکمل کیا جائے گا اور شہریوں کو ہر ممکن سہولت فراہم کی جائے گی۔ اجلاس میں مختلف امور پر تفصیلی غور کیا گیا اور اہم فیصلے کیے گئے۔ بقیہ خبر کا متن اس کالم میں جاری ہے۔ حکومت کی جانب سے عوامی مسائل کے حل کے لیے اقدامات کیے جا رہے ہیں جبکہ متعلقہ حکام نے یقین دہانی کرائی کہ ترقیاتی منصوبوں کو جلد مکمل کیا جائے گا اور شہریوں کو ہر ممکن سہولت فراہم کی جائے گی۔ اجلاس میں مختلف امور پر تفصیلی غور کیا گیا اور اہم فیصلے کیے گئے۔
بقیہ نمبر43
بقیہ خبر کا متن اس کالم میں جاری ہے۔ حکومت کی جانب سے عوامی مسائل کے حل کے لیے اقدامات کیے جا رہے ہیں جبکہ متعلقہ حکام نے یقین دہانی کرائی کہ ترقیاتی منصوبوں کو جلد مکمل کیا جائے گا اور شہریوں کو ہر ممکن سہولت فراہم کی جائے گی۔ اجلاس میں مختلف امور پر تفصیلی غور کیا گیا اور اہم فیصلے کیے گئے۔ بقیہ خبر کا متن اس کالم میں جاری ہے۔ حکومت کی جانب سے عوامی مسائل کے حل کے لیے اقدامات کیے جا رہے ہیں جبکہ متعلقہ حکام نے یقین دہانی کرائی کہ ترقیاتی منصوبوں کو جلد مکمل کیا جائے گا اور شہریوں کو ہر ممکن سہولت فراہم کی جائے گی۔ اجلاس میں مختلف امور پر تفصیلی غور کیا گیا اور اہم فیصلے کیے گئے۔
بقیہ نمبر44
بقیہ خبر کا متن اس کالم میں جاری ہے۔ حکومت کی جانب سے عوامی مسائل کے حل کے لیے اقدامات کیے جا رہے ہیں جبکہ متعلقہ حکام نے یقین دہانی کرائی کہ ترقیاتی منصوبوں کو جلد مکمل کیا جائے گا اور شہریوں کو ہر ممکن سہولت فراہم کی جائے گی۔ اجلاس میں مختلف امور پر تفصیلی غور کیا گیا اور اہم فیصلے کیے گئے۔ بقیہ خبر کا متن اس کالم میں جاری ہے۔ حکومت کی جانب سے عوامی مسائل کے حل کے لیے اقدامات کیے جا رہے ہیں جبکہ متعلقہ حکام نے یقین دہانی کرائی کہ ترقیاتی منصوبوں کو جلد مکمل کیا جائے گا اور شہریوں کو ہر ممکن سہولت فراہم کی جائے گی۔ اجلاس میں مختلف امور پر تفصیلی غور کیا گیا اور اہم فیصلے کیے گئے۔
بقیہ نمبر45
بقیہ خبر کا متن اس کالم میں جاری ہے۔ حکومت کی جانب سے عوامی مسائل کے حل کے لیے اقدامات کیے جا رہے ہیں جبکہ متعلقہ حکام نے یقین دہانی کرائی کہ ترقیاتی منصوبوں کو جلد مکمل کیا جائے گا اور شہریوں کو ہر ممکن سہولت فراہم کی جائے گی۔ اجلاس میں مختلف امور پر تفصیلی غور کیا گیا اور اہم فیصلے کیے گئے۔ بقیہ خبر کا متن اس کالم میں جاری ہے۔ حکومت کی جانب سے عوامی مسائل کے حل کے لیے اقدامات کیے جا رہے ہیں جبکہ متعلقہ حکام نے یقین دہانی کرائی کہ ترقیاتی منصوبوں کو جلد مکمل کیا جائے گا اور شہریوں کو ہر ممکن سہولت فراہم کی جائے گی۔ اجلاس میں مختلف امور پر تفصیلی غور کیا گیا اور اہم فیصلے کیے گئے۔
بقیہ نمبر46
بقیہ خبر کا متن اس کالم میں جاری ہے۔ حکومت کی جانب سے عوامی مسائل کے حل کے لیے اقدامات کیے جا رہے ہیں جبکہ متعلقہ حکام نے یقین دہانی کرائی کہ ترقیاتی منصوبوں کو جلد مکمل کیا جائے گا اور شہریوں کو ہر ممکن سہولت فراہم کی جائے گی۔ اجلاس میں مختلف امور پر تفصیلی غور کیا گیا اور اہم فیصلے کیے گئے۔ بقیہ خبر کا متن اس کالم میں جاری ہے۔ حکومت کی جانب سے عوامی مسائل کے حل کے لیے اقدامات کیے جا رہے ہیں جبکہ متعلقہ حکام نے یقین دہانی کرائی کہ ترقیاتی منصوبوں کو جلد مکمل کیا جائے گا اور شہریوں کو ہر ممکن سہولت فراہم کی جائے گی۔ اجلاس میں مختلف امور پر تفصیلی غور کیا گیا اور اہم فیصلے کیے گئے۔
بقیہ نمبر47
بقیہ خبر کا متن اس کالم میں جاری ہے۔ حکومت کی جانب سے عوامی مسائل کے حل کے لیے اقدامات کیے جا رہے ہیں جبکہ متعلقہ حکام نے یقین دہانی کرائی کہ ترقیاتی منصوبوں کو جلد مکمل کیا جائے گا اور شہریوں کو ہر ممکن سہولت فراہم کی جائے گی۔ اجلاس میں مختلف امور پر تفصیلی غور کیا گیا اور اہم فیصلے کیے گئے۔ بقیہ خبر کا متن اس کالم میں جاری ہے۔ حکومت کی جانب سے عوامی مسائل کے حل کے لیے اقدامات کیے جا رہے ہیں جبکہ متعلقہ حکام نے یقین دہانی کرائی کہ ترقیاتی منصوبوں کو جلد مکمل کیا جائے گا اور شہریوں کو ہر ممکن سہولت فراہم کی جائے گی۔ اجلاس میں مختلف امور پر تفصیلی غور کیا گیا اور اہم فیصلے کیے گئے۔
بقیہ نمبر48
بقیہ خبر کا متن اس کالم میں جاری ہے۔ حکومت کی جانب سے عوامی مسائل کے حل کے لیے اقدامات کیے جا رہے ہیں جبکہ متعلقہ حکام نے یقین دہانی کرائی کہ ترقیاتی منصوبوں کو جلد مکمل کیا جائے گا اور شہریوں کو ہر ممکن سہولت فراہم کی جائے گی۔ اجلاس میں مختلف امور پر تفصیلی غور کیا گیا اور اہم فیصلے کیے گئے۔ بقیہ خبر کا متن اس کالم میں جاری ہے۔ حکومت کی جانب سے عوامی مسائل کے حل کے لیے اقدامات کیے جا رہے ہیں جبکہ متعلقہ حکام نے یقین دہانی کرائی کہ ترقیاتی منصوبوں کو جلد مکمل کیا جائے گا اور شہریوں کو ہر ممکن سہولت فراہم کی جائے گی۔ اجلاس میں مختلف امور پر تفصیلی غور کیا گیا اور اہم فیصلے کیے گئے۔
بقیہ نمبر49
بقیہ خبر کا متن اس کالم میں جاری ہے۔ حکومت کی جانب سے عوامی مسائل کے حل کے لیے اقدامات کیے جا رہے ہیں جبکہ متعلقہ حکام نے یقین دہانی کرائی کہ ترقیاتی منصوبوں کو جلد مکمل کیا جائے گا اور شہریوں کو ہر ممکن سہولت فراہم کی جائے گی۔ اجلاس میں مختلف امور پر تفصیلی غور کیا گیا اور اہم فیصلے کیے گئے۔ بقیہ خبر کا متن اس کالم میں جاری ہے۔ حکومت کی جانب سے عوامی مسائل کے حل کے لیے اقدامات کیے جا رہے ہیں جبکہ متعلقہ حکام نے یقین دہانی کرائی کہ ترقیاتی منصوبوں کو جلد مکمل کیا جائے گا اور شہریوں کو ہر ممکن سہولت فراہم کی جائے گی۔ اجلاس میں مختلف امور پر تفصیلی غور کیا گیا اور اہم فیصلے کیے گئے۔
بقیہ نمبر50
بقیہ خبر کا متن اس کالم میں جاری ہے۔ حکومت کی جانب سے عوامی مسائل کے حل کے لیے اقدامات کیے جا رہے ہیں جبکہ متعلقہ حکام نے یقین دہانی کرائی کہ ترقیاتی منصوبوں کو جلد مکمل کیا جائے گا اور شہریوں کو ہر ممکن سہولت فراہم کی جائے گی۔ اجلاس میں مختلف امور پر تفصیلی غور کیا گیا اور اہم فیصلے کیے گئے۔ بقیہ خبر کا متن اس کالم میں جاری ہے۔ حکومت کی جانب سے عوامی مسائل کے حل کے لیے اقدامات کیے جا رہے ہیں جبکہ متعلقہ حکام نے یقین دہانی کرائی کہ ترقیاتی منصوبوں کو جلد مکمل کیا جائے گا اور شہریوں کو ہر ممکن سہولت فراہم کی جائے گی۔ اجلاس میں مختلف امور پر تفصیلی غور کیا گیا اور اہم فیصلے کیے گئے۔
بقیہ خبر کا متن اس کالم میں جاری ہے۔ حکومت کی جانب سے عوامی مسائل کے حل کے لیے اقدامات کیے جا رہے ہیں جبکہ متعلقہ حکام نے یقین دہانی کرائی کہ ترقیاتی منصوبوں کو جلد مکمل کیا جائے گا اور شہریوں کو ہر ممکن سہولت فراہم کی جائے گی۔ اجلاس میں مختلف امور پر تفصیلی غور کیا گیا اور اہم فیصلے کیے گئے۔ بقیہ خبر کا متن اس کالم میں جاری ہے۔ حکومت کی جانب سے عوامی مسائل کے حل کے لیے اقدامات کیے جا رہے ہیں جبکہ متعلقہ حکام نے یقین دہانی کرائی کہ ترقیاتی منصوبوں کو جلد مکمل کیا جائے گا اور شہریوں کو ہر ممکن سہولت فراہم کی جائے گی۔ اجلاس میں مختلف امور پر تفصیلی غور کیا گیا اور اہم فیصلے کیے گئے۔ بقیہ خبر کا متن اس کالم میں جاری ہے۔ حکومت کی جانب سے عوامی مسائل کے حل کے لیے اقدامات کیے جا رہے ہیں جبکہ متعلقہ حکام نے یقین دہانی کرائی کہ ترقیاتی منصوبوں کو جلد مکمل کیا جائے گا اور شہریوں کو ہر ممکن سہولت فراہم کی جائے گی۔ اجلاس میں مختلف امور پر تفصیلی غور کیا گیا اور اہم فیصلے کیے گئے۔
بقیہ خبر کا متن اس کالم میں جاری ہے۔ حکومت کی جانب سے عوامی مسائل کے حل کے لیے اقدامات کیے جا رہے ہیں جبکہ متعلقہ حکام نے یقین دہانی کرائی کہ ترقیاتی منصوبوں کو جلد مکمل کیا جائے گا اور شہریوں کو ہر ممکن سہولت فراہم کی جائے گی۔ اجلاس میں مختلف امور پر تفصیلی غور کیا گیا اور اہم فیصلے کیے گئے۔
بقیہ نمبر51
بقیہ خبر کا متن اس کالم میں جاری ہے۔ حکومت کی جانب سے عوامی مسائل کے حل کے لیے اقدامات کیے جا رہے ہیں جبکہ متعلقہ حکام نے یقین دہانی کرائی کہ ترقیاتی منصوبوں کو جلد مکمل کیا جائے گا اور شہریوں کو ہر ممکن سہولت فراہم کی جائے گی۔ اجلاس میں مختلف امور پر تفصیلی غور کیا گیا اور اہم فیصلے کیے گئے۔
بقیہ نمبر52
بقیہ خبر کا متن اس کالم میں جاری ہے۔ حکومت کی جانب سے عوامی مسائل کے حل کے لیے اقدامات کیے جا رہے ہیں جبکہ متعلقہ حکام نے یقین دہانی کرائی کہ ترقیاتی منصوبوں کو جلد مکمل کیا جائے گا اور شہریوں کو ہر ممکن سہولت فراہم کی جائے گی۔ اجلاس میں مختلف امور پر تفصیلی غور کیا گیا اور اہم فیصلے کیے گئے۔
بقیہ نمبر53
بقیہ خبر کا متن اس کالم میں جاری ہے۔ حکومت کی جانب سے عوامی مسائل کے حل کے لیے اقدامات کیے جا رہے ہیں جبکہ متعلقہ حکام نے یقین دہانی کرائی کہ ترقیاتی منصوبوں کو جلد مکمل کیا جائے گا اور شہریوں کو ہر ممکن سہولت فراہم کی جائے گی۔ اجلاس میں مختلف امور پر تفصیلی غور کیا گیا اور اہم فیصلے کیے گئے۔
بقیہ نمبر54
بقیہ خبر کا متن اس کالم میں جاری ہے۔ حکومت کی جانب سے عوامی مسائل کے حل کے لیے اقدامات کیے جا رہے ہیں جبکہ متعلقہ حکام نے یقین دہانی کرائی کہ ترقیاتی منصوبوں کو جلد مکمل کیا جائے گا اور شہریوں کو ہر ممکن سہولت فراہم کی جائے گی۔ اجلاس میں مختلف امور پر تفصیلی غور کیا گیا اور اہم فیصلے کیے گئے۔
بقیہ نمبر55
بقیہ خبر کا متن اس کالم میں جاری ہے۔ حکومت کی جانب سے عوامی مسائل کے حل کے لیے اقدامات کیے جا رہے ہیں جبکہ متعلقہ حکام نے یقین دہانی کرائی کہ ترقیاتی منصوبوں کو جلد مکمل کیا جائے گا اور شہریوں کو ہر ممکن سہولت فراہم کی جائے گی۔ اجلاس میں مختلف امور پر تفصیلی غور کیا گیا اور اہم فیصلے کیے گئے۔
بقیہ نمبر56
بقیہ خبر کا متن اس کالم میں جاری ہے۔ حکومت کی جانب سے عوامی مسائل کے حل کے لیے اقدامات کیے جا رہے ہیں جبکہ متعلقہ حکام نے یقین دہانی کرائی کہ ترقیاتی منصوبوں کو جلد مکمل کیا جائے گا اور شہریوں کو ہر ممکن سہولت فراہم کی جائے گی۔ اجلاس میں مختلف امور پر تفصیلی غور کیا گیا اور اہم فیصلے کیے گئے۔
بقیہ نمبر57
بقیہ خبر کا متن اس کالم میں جاری ہے۔ حکومت کی جانب سے عوامی مسائل کے حل کے لیے اقدامات کیے جا رہے ہیں جبکہ متعلقہ حکام نے یقین دہانی کرائی کہ ترقیاتی منصوبوں کو جلد مکمل کیا جائے گا اور شہریوں کو ہر ممکن سہولت فراہم کی جائے گی۔ اجلاس میں مختلف امور پر تفصیلی غور کیا گیا اور اہم فیصلے کیے گئے۔
بقیہ نمبر58
بقیہ خبر کا متن اس کالم میں جاری ہے۔ حکومت کی جانب سے عوامی مسائل کے حل کے لیے اقدامات کیے جا رہے ہیں جبکہ متعلقہ حکام نے یقین دہانی کرائی کہ ترقیاتی منصوبوں کو جلد مکمل کیا جائے گا اور شہریوں کو ہر ممکن سہولت فراہم کی جائے گی۔ اجلاس میں مختلف امور پر تفصیلی غور کیا گیا اور اہم فیصلے کیے گئے۔
بقیہ نمبر59
بقیہ خبر کا متن اس کالم میں جاری ہے۔ حکومت کی جانب سے عوامی مسائل کے حل کے لیے اقدامات کیے جا رہے ہیں جبکہ متعلقہ حکام نے یقین دہانی کرائی کہ ترقیاتی منصوبوں کو جلد مکمل کیا جائے گا اور شہریوں کو ہر ممکن سہولت فراہم کی جائے گی۔ اجلاس میں مختلف امور پر تفصیلی غور کیا گیا اور اہم فیصلے کیے گئے۔
بقیہ نمبر60
بقیہ خبر کا متن اس کالم میں جاری ہے۔ حکومت کی جانب سے عوامی مسائل کے حل کے لیے اقدامات کیے جا رہے ہیں جبکہ متعلقہ حکام نے یقین دہانی کرائی کہ ترقیاتی منصوبوں کو جلد مکمل کیا جائے گا اور شہریوں کو ہر ممکن سہولت فراہم کی جائے گی۔ اجلاس میں مختلف امور پر تفصیلی غور کیا گیا اور اہم فیصلے کیے گئے۔
بقیہ خبر کا متن اس کالم میں جاری ہے۔ حکومت کی جانب سے عوامی مسائل کے حل کے لیے اقدامات کیے جا رہے ہیں جبکہ متعلقہ حکام نے یقین دہانی کرائی کہ ترقیاتی منصوبوں کو جلد مکمل کیا جائے گا اور شہریوں کو ہر ممکن سہولت فراہم کی جائے گی۔ اجلاس میں مختلف امور پر تفصیلی غور کیا گیا اور اہم فیصلے کیے گئے۔ بقیہ خبر کا متن اس کالم میں جاری ہے۔ حکومت کی جانب سے عوامی مسائل کے حل کے لیے اقدامات کیے جا رہے ہیں جبکہ متعلقہ حکام نے یقین دہانی کرائی کہ ترقیاتی منصوبوں کو جلد مکمل کیا جائے گا اور شہریوں کو ہر ممکن سہولت فراہم کی جائے گی۔ اجلاس میں مختلف امور پر تفصیلی غور کیا گیا اور اہم فیصلے کیے گئے۔ بقیہ خبر کا متن اس کالم میں جاری ہے۔ حکومت کی جانب سے عوامی مسائل کے حل کے لیے اقدامات کیے جا رہے ہیں جبکہ متعلقہ حکام نے یقین دہانی کرائی کہ ترقیاتی منصوبوں کو جلد مکمل کیا جائے گا اور شہریوں کو ہر ممکن سہولت فراہم کی جائے گی۔ اجلاس میں مختلف امور پر تفصیلی غور کیا گیا اور اہم فیصلے کیے گئے۔
اطلاع عام
میں اطلاع دیتا ہوں کہ میری حقیقی بیٹی اپنی مرضی سے گھر چھوڑ کر چلی گئی ہے میرا اس سے کوئی تعلق نہیں ہے اس کے کسی بھی لین دین کا میں ذمہ دار نہ ہوں گا۔
منجانب ۔ والد
درستگی نام
میں اعلان کرتا ہوں کہ میرا اصل نام درست ہے شناختی کارڈ میں غلطی سے نام غلط درج ہو گیا ہے آئندہ درست نام سے پکارا اور لکھا جائے۔
منجانب ۔ درخواست گزار
اطلاع عام
اطلاع دی جاتی ہے کہ میرا نام شناختی کارڈ اور دیگر کاغذات میں درست کیا جائے کسی کو اعتراض ہو تو رابطہ کرے۔
منجانب ۔ ذوالفقار
اشتہار عام
ہر خاص و عام کو مطلع کیا جاتا ہے کہ فریق مقدمہ عدالت میں حاضر نہیں ہو رہا اگر کسی کو اعتراض ہو تو مقررہ تاریخ پر عدالت میں حاضر ہو ورنہ کارروائی یکطرفہ عمل میں لائی جائے گی۔
منجانب ۔ عدالت
بقیہ خبر کا متن اس کالم میں جاری ہے۔ حکومت کی جانب سے عوامی مسائل کے حل کے لیے اقدامات کیے جا رہے ہیں جبکہ متعلقہ حکام نے یقین دہانی کرائی کہ ترقیاتی منصوبوں کو جلد مکمل کیا جائے گا اور شہریوں کو ہر ممکن سہولت فراہم کی جائے گی۔ اجلاس میں مختلف امور پر تفصیلی غور کیا گیا اور اہم فیصلے کیے گئے۔ بقیہ خبر کا متن اس کالم میں جاری ہے۔ حکومت کی جانب سے عوامی مسائل کے حل کے لیے اقدامات کیے جا رہے ہیں جبکہ متعلقہ حکام نے یقین دہانی کرائی کہ ترقیاتی منصوبوں کو جلد مکمل کیا جائے گا اور شہریوں کو ہر ممکن سہولت فراہم کی جائے گی۔ اجلاس میں مختلف امور پر تفصیلی غور کیا گیا اور اہم فیصلے کیے گئے۔
بقیہ نمبر61
بقیہ خبر کا متن اس کالم میں جاری ہے۔ حکومت کی جانب سے عوامی مسائل کے حل کے لیے اقدامات کیے جا رہے ہیں جبکہ متعلقہ حکام نے یقین دہانی کرائی کہ ترقیاتی منصوبوں کو جلد مکمل کیا جائے گا اور شہریوں کو ہر ممکن سہولت فراہم کی جائے گی۔ اجلاس میں مختلف امور پر تفصیلی غور کیا گیا اور اہم فیصلے کیے گئے۔ بقیہ خبر کا متن اس کالم میں جاری ہے۔ حکومت کی جانب سے عوامی مسائل کے حل کے لیے اقدامات کیے جا رہے ہیں جبکہ متعلقہ حکام نے یقین دہانی کرائی کہ ترقیاتی منصوبوں کو جلد مکمل کیا جائے گا اور شہریوں کو ہر ممکن سہولت فراہم کی جائے گی۔ اجلاس میں مختلف امور پر تفصیلی غور کیا گیا اور اہم فیصلے کیے گئے۔
بقیہ نمبر62
بقیہ خبر کا متن اس کالم میں جاری ہے۔ حکومت کی جانب سے عوامی مسائل کے حل کے لیے اقدامات کیے جا رہے ہیں جبکہ متعلقہ حکام نے یقین دہانی کرائی کہ ترقیاتی منصوبوں کو جلد مکمل کیا جائے گا اور شہریوں کو ہر ممکن سہولت فراہم کی جائے گی۔ اجلاس میں مختلف امور پر تفصیلی غور کیا گیا اور اہم فیصلے کیے گئے۔ بقیہ خبر کا متن اس کالم میں جاری ہے۔ حکومت کی جانب سے عوامی مسائل کے حل کے لیے اقدامات کیے جا رہے ہیں جبکہ متعلقہ حکام نے یقین دہانی کرائی کہ ترقیاتی منصوبوں کو جلد مکمل کیا جائے گا اور شہریوں کو ہر ممکن سہولت فراہم کی جائے گی۔ اجلاس میں مختلف امور پر تفصیلی غور کیا گیا اور اہم فیصلے کیے گئے۔
بقیہ نمبر63
بقیہ خبر کا متن اس کالم میں جاری ہے۔ حکومت کی جانب سے عوامی مسائل کے حل کے لیے اقدامات کیے جا رہے ہیں جبکہ متعلقہ حکام نے یقین دہانی کرائی کہ ترقیاتی منصوبوں کو جلد مکمل کیا جائے گا اور شہریوں کو ہر ممکن سہولت فراہم کی جائے گی۔ اجلاس میں مختلف امور پر تفصیلی غور کیا گیا اور اہم فیصلے کیے گئے۔ بقیہ خبر کا متن اس کالم میں جاری ہے۔ حکومت کی جانب سے عوامی مسائل کے حل کے لیے اقدامات کیے جا رہے ہیں جبکہ متعلقہ حکام نے یقین دہانی کرائی کہ ترقیاتی منصوبوں کو جلد مکمل کیا جائے گا اور شہریوں کو ہر ممکن سہولت فراہم کی جائے گی۔ اجلاس میں مختلف امور پر تفصیلی غور کیا گیا اور اہم فیصلے کیے گئے۔
بقیہ نمبر64
بقیہ خبر کا متن اس کالم میں جاری ہے۔ حکومت کی جانب سے عوامی مسائل کے حل کے لیے اقدامات کیے جا رہے ہیں جبکہ متعلقہ حکام نے یقین دہانی کرائی کہ ترقیاتی منصوبوں کو جلد مکمل کیا جائے گا اور شہریوں کو ہر ممکن سہولت فراہم کی جائے گی۔ اجلاس میں مختلف امور پر تفصیلی غور کیا گیا اور اہم فیصلے کیے گئے۔ بقیہ خبر کا متن اس کالم میں جاری ہے۔ حکومت کی جانب سے عوامی مسائل کے حل کے لیے اقدامات کیے جا رہے ہیں جبکہ متعلقہ حکام نے یقین دہانی کرائی کہ ترقیاتی منصوبوں کو جلد مکمل کیا جائے گا اور شہریوں کو ہر ممکن سہولت فراہم کی جائے گی۔ اجلاس میں مختلف امور پر تفصیلی غور کیا گیا اور اہم فیصلے کیے گئے۔
بقیہ نمبر65
بقیہ خبر کا متن اس کالم میں جاری ہے۔ حکومت کی جانب سے عوامی مسائل کے حل کے لیے اقدامات کیے جا رہے ہیں جبکہ متعلقہ حکام نے یقین دہانی کرائی کہ ترقیاتی منصوبوں کو جلد مکمل کیا جائے گا اور شہریوں کو ہر ممکن سہولت فراہم کی جائے گی۔ اجلاس میں مختلف امور پر تفصیلی غور کیا گیا اور اہم فیصلے کیے گئے۔ بقیہ خبر کا متن اس کالم میں جاری ہے۔ حکومت کی جانب سے عوامی مسائل کے حل کے لیے اقدامات کیے جا رہے ہیں جبکہ متعلقہ حکام نے یقین دہانی کرائی کہ ترقیاتی منصوبوں کو جلد مکمل کیا جائے گا اور شہریوں کو ہر ممکن سہولت فراہم کی جائے گی۔ اجلاس میں مختلف امور پر تفصیلی غور کیا گیا اور اہم فیصلے کیے گئے۔
بقیہ نمبر66
بقیہ خبر کا متن اس کالم میں جاری ہے۔ حکومت کی جانب سے عوامی مسائل کے حل کے لیے اقدامات کیے جا رہے ہیں جبکہ متعلقہ حکام نے یقین دہانی کرائی کہ ترقیاتی منصوبوں کو جلد مکمل کیا جائے گا اور شہریوں کو ہر ممکن سہولت فراہم کی جائے گی۔ اجلاس میں مختلف امور پر تفصیلی غور کیا گیا اور اہم فیصلے کیے گئے۔ بقیہ خبر کا متن اس کالم میں جاری ہے۔ حکومت کی جانب سے عوامی مسائل کے حل کے لیے اقدامات کیے جا رہے ہیں جبکہ متعلقہ حکام نے یقین دہانی کرائی کہ ترقیاتی منصوبوں کو جلد مکمل کیا جائے گا اور شہریوں کو ہر ممکن سہولت فراہم کی جائے گی۔ اجلاس میں مختلف امور پر تفصیلی غور کیا گیا اور اہم فیصلے کیے گئے۔
بقیہ نمبر67
بقیہ خبر کا متن اس کالم میں جاری ہے۔ حکومت کی جانب سے عوامی مسائل کے حل کے لیے اقدامات کیے جا رہے ہیں جبکہ متعلقہ حکام نے یقین دہانی کرائی کہ ترقیاتی منصوبوں کو جلد مکمل کیا جائے گا اور شہریوں کو ہر ممکن سہولت فراہم کی جائے گی۔ اجلاس میں مختلف امور پر تفصیلی غور کیا گیا اور اہم فیصلے کیے گئے۔ بقیہ خبر کا متن اس کالم میں جاری ہے۔ حکومت کی جانب سے عوامی مسائل کے حل کے لیے اقدامات کیے جا رہے ہیں جبکہ متعلقہ حکام نے یقین دہانی کرائی کہ ترقیاتی منصوبوں کو جلد مکمل کیا جائے گا اور شہریوں کو ہر ممکن سہولت فراہم کی جائے گی۔ اجلاس میں مختلف امور پر تفصیلی غور کیا گیا اور اہم فیصلے کیے گئے۔
بقیہ خبر کا متن اس کالم میں جاری ہے۔ حکومت کی جانب سے عوامی مسائل کے حل کے لیے اقدامات کیے جا رہے ہیں جبکہ متعلقہ حکام نے یقین دہانی کرائی کہ ترقیاتی منصوبوں کو جلد مکمل کیا جائے گا اور شہریوں کو ہر ممکن سہولت فراہم کی جائے گی۔ اجلاس میں مختلف امور پر تفصیلی غور کیا گیا اور اہم فیصلے کیے گئے۔ بقیہ خبر کا متن اس کالم میں جاری ہے۔ حکومت کی جانب سے عوامی مسائل کے حل کے لیے اقدامات کیے جا رہے ہیں جبکہ متعلقہ حکام نے یقین دہانی کرائی کہ ترقیاتی منصوبوں کو جلد مکمل کیا جائے گا اور شہریوں کو ہر ممکن سہولت فراہم کی جائے گی۔ اجلاس میں مختلف امور پر تفصیلی غور کیا گیا اور اہم فیصلے کیے گئے۔ بقیہ خبر کا متن اس کالم میں جاری ہے۔ حکومت کی جانب سے عوامی مسائل کے حل کے لیے اقدامات کیے جا رہے ہیں جبکہ متعلقہ حکام نے یقین دہانی کرائی کہ ترقیاتی منصوبوں کو جلد مکمل کیا جائے گا اور شہریوں کو ہر ممکن سہولت فراہم کی جائے گی۔ اجلاس میں مختلف امور پر تفصیلی غور کیا گیا اور اہم فیصلے کیے گئے۔
